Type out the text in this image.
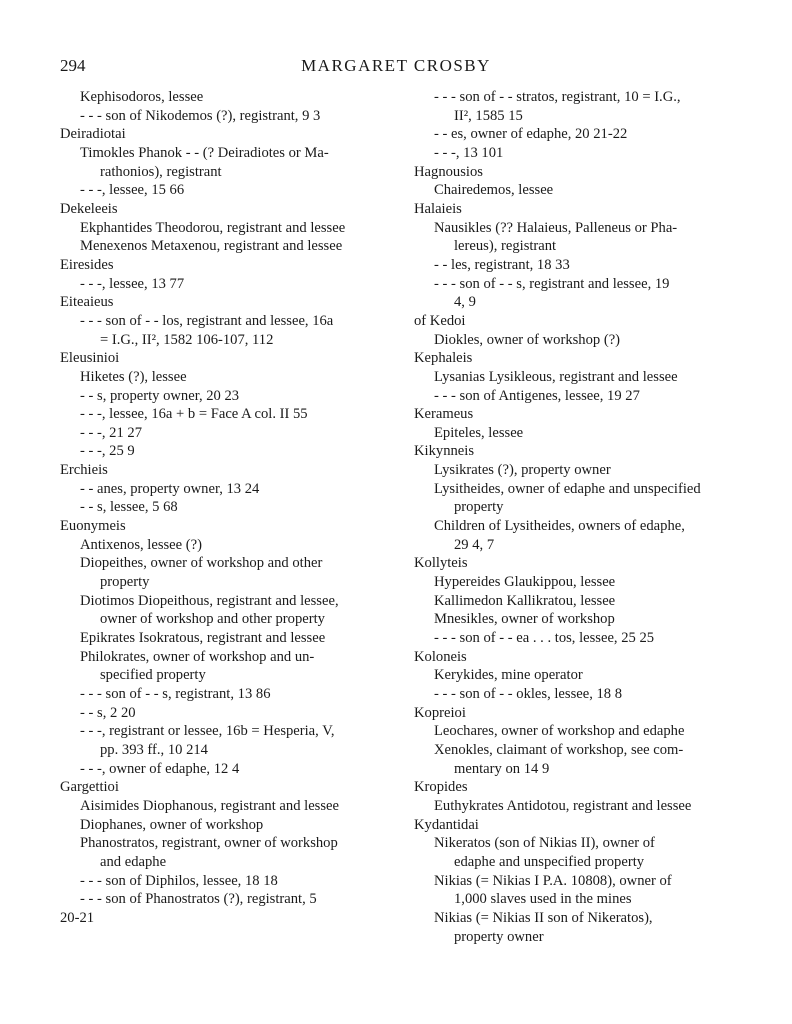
294	MARGARET CROSBY
Kephisodoros, lessee
- - - son of Nikodemos (?), registrant, 9 3
Deiradiotai
Timokles Phanok - - (? Deiradiotes or Ma-
rathonios), registrant
- - -, lessee, 15 66
Dekeleeis
Ekphantides Theodorou, registrant and lessee
Menexenos Metaxenou, registrant and lessee
Eiresides
- - -, lessee, 13 77
Eiteaieus
- - - son of - - los, registrant and lessee, 16a
= I.G., II², 1582 106-107, 112
Eleusinioi
Hiketes (?), lessee
- - s, property owner, 20 23
- - -, lessee, 16a + b = Face A col. II 55
- - -, 21 27
- - -, 25 9
Erchieis
- - anes, property owner, 13 24
- - s, lessee, 5 68
Euonymeis
Antixenos, lessee (?)
Diopeithes, owner of workshop and other
property
Diotimos Diopeithous, registrant and lessee,
owner of workshop and other property
Epikrates Isokratous, registrant and lessee
Philokrates, owner of workshop and un-
specified property
- - - son of - - s, registrant, 13 86
- - s, 2 20
- - -, registrant or lessee, 16b = Hesperia, V,
pp. 393 ff., 10 214
- - -, owner of edaphe, 12 4
Gargettioi
Aisimides Diophanous, registrant and lessee
Diophanes, owner of workshop
Phanostratos, registrant, owner of workshop
and edaphe
- - - son of Diphilos, lessee, 18 18
- - - son of Phanostratos (?), registrant, 5
20-21
- - - son of - - stratos, registrant, 10 = I.G.,
II², 1585 15
- - es, owner of edaphe, 20 21-22
- - -, 13 101
Hagnousios
Chairedemos, lessee
Halaieis
Nausikles (?? Halaieus, Palleneus or Pha-
lereus), registrant
- - les, registrant, 18 33
- - - son of - - s, registrant and lessee, 19
4, 9
of Kedoi
Diokles, owner of workshop (?)
Kephaleis
Lysanias Lysikleous, registrant and lessee
- - - son of Antigenes, lessee, 19 27
Kerameus
Epiteles, lessee
Kikynneis
Lysikrates (?), property owner
Lysitheides, owner of edaphe and unspecified
property
Children of Lysitheides, owners of edaphe,
29 4, 7
Kollyteis
Hypereides Glaukippou, lessee
Kallimedon Kallikratou, lessee
Mnesikles, owner of workshop
- - - son of - - ea . . . tos, lessee, 25 25
Koloneis
Kerykides, mine operator
- - - son of - - okles, lessee, 18 8
Kopreioi
Leochares, owner of workshop and edaphe
Xenokles, claimant of workshop, see com-
mentary on 14 9
Kropides
Euthykrates Antidotou, registrant and lessee
Kydantidai
Nikeratos (son of Nikias II), owner of
edaphe and unspecified property
Nikias (= Nikias I P.A. 10808), owner of
1,000 slaves used in the mines
Nikias (= Nikias II son of Nikeratos),
property owner
